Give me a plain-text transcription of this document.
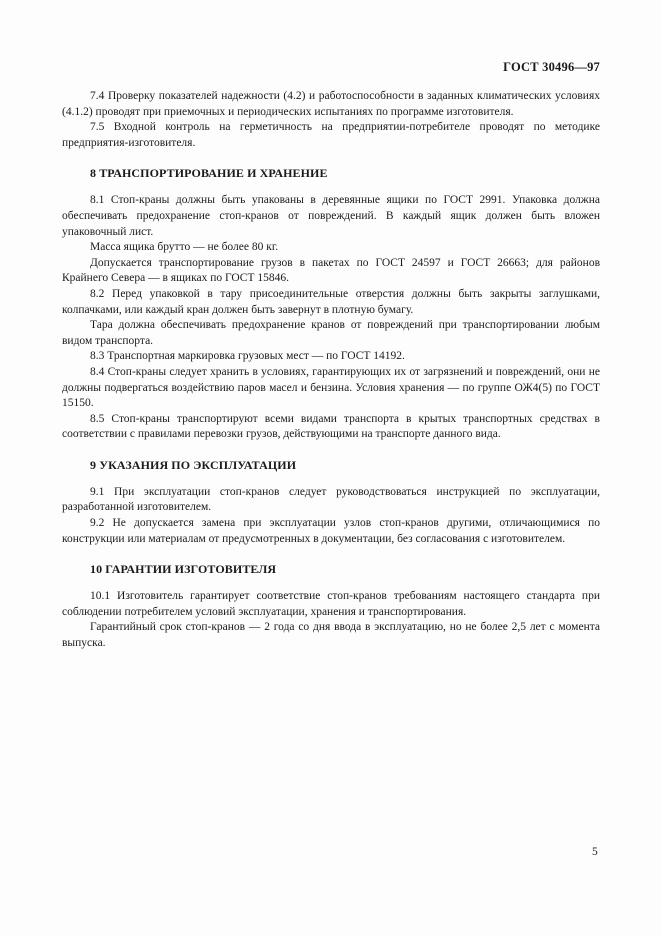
ГОСТ 30496—97

7.4 Проверку показателей надежности (4.2) и работоспособности в заданных климатических условиях (4.1.2) проводят при приемочных и периодических испытаниях по программе изготовителя.

7.5 Входной контроль на герметичность на предприятии-потребителе проводят по методике предприятия-изготовителя.

8 ТРАНСПОРТИРОВАНИЕ И ХРАНЕНИЕ

8.1 Стоп-краны должны быть упакованы в деревянные ящики по ГОСТ 2991. Упаковка должна обеспечивать предохранение стоп-кранов от повреждений. В каждый ящик должен быть вложен упаковочный лист.

Масса ящика брутто — не более 80 кг.

Допускается транспортирование грузов в пакетах по ГОСТ 24597 и ГОСТ 26663; для районов Крайнего Севера — в ящиках по ГОСТ 15846.

8.2 Перед упаковкой в тару присоединительные отверстия должны быть закрыты заглушками, колпачками, или каждый кран должен быть завернут в плотную бумагу.

Тара должна обеспечивать предохранение кранов от повреждений при транспортировании любым видом транспорта.

8.3 Транспортная маркировка грузовых мест — по ГОСТ 14192.

8.4 Стоп-краны следует хранить в условиях, гарантирующих их от загрязнений и повреждений, они не должны подвергаться воздействию паров масел и бензина. Условия хранения — по группе ОЖ4(5) по ГОСТ 15150.

8.5 Стоп-краны транспортируют всеми видами транспорта в крытых транспортных средствах в соответствии с правилами перевозки грузов, действующими на транспорте данного вида.

9 УКАЗАНИЯ ПО ЭКСПЛУАТАЦИИ

9.1 При эксплуатации стоп-кранов следует руководствоваться инструкцией по эксплуатации, разработанной изготовителем.

9.2 Не допускается замена при эксплуатации узлов стоп-кранов другими, отличающимися по конструкции или материалам от предусмотренных в документации, без согласования с изготовителем.

10 ГАРАНТИИ ИЗГОТОВИТЕЛЯ

10.1 Изготовитель гарантирует соответствие стоп-кранов требованиям настоящего стандарта при соблюдении потребителем условий эксплуатации, хранения и транспортирования.

Гарантийный срок стоп-кранов — 2 года со дня ввода в эксплуатацию, но не более 2,5 лет с момента выпуска.

5
